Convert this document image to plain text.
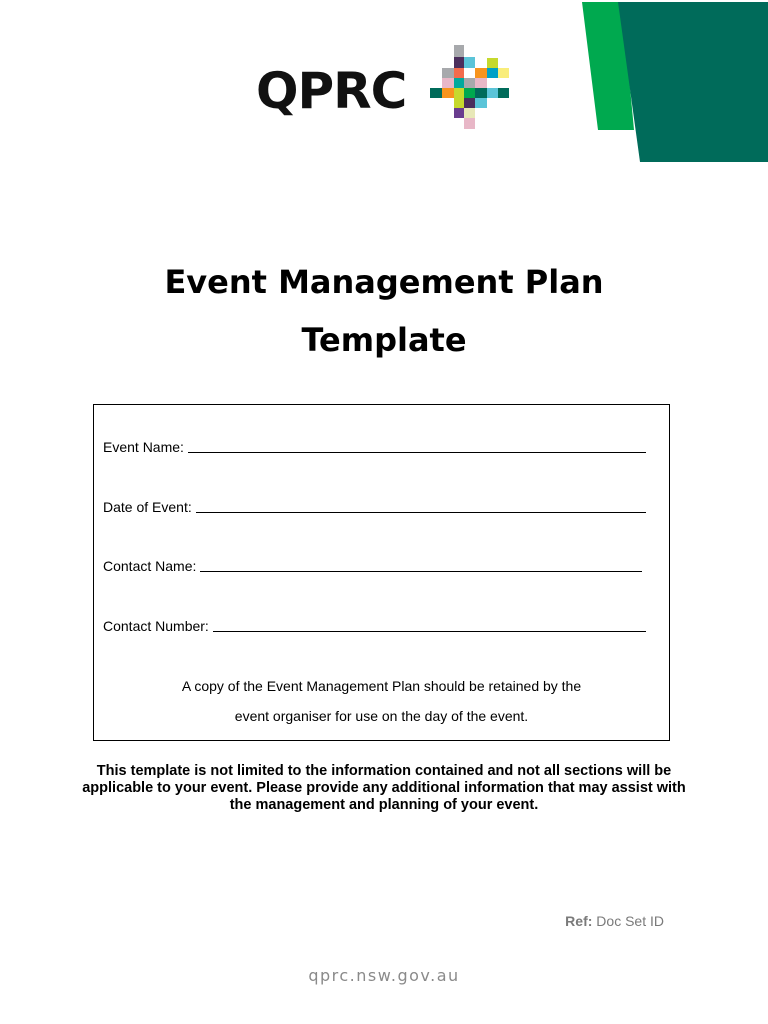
QPRC
Event Management Plan
Template
Event Name:
Date of Event:
Contact Name:
Contact Number:
A copy of the Event Management Plan should be retained by the
event organiser for use on the day of the event.
This template is not limited to the information contained and not all sections will be applicable to your event. Please provide any additional information that may assist with the management and planning of your event.
Ref: Doc Set ID
qprc.nsw.gov.au
